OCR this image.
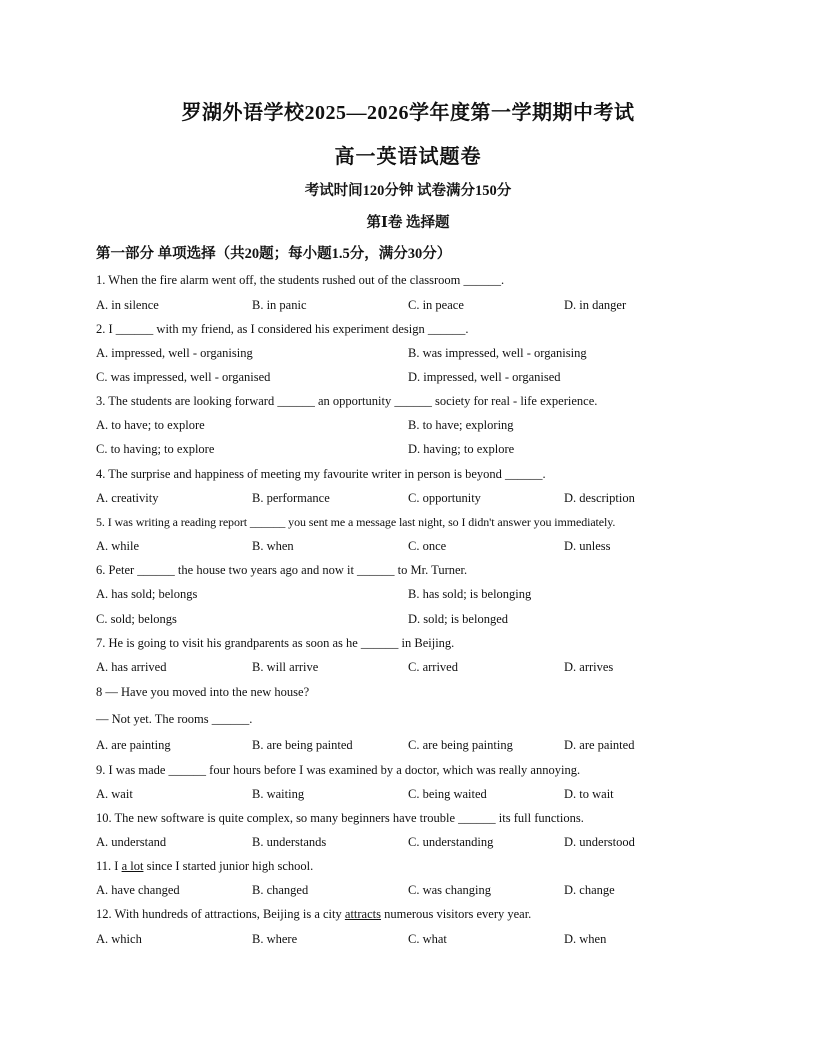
罗湖外语学校2025—2026学年度第一学期期中考试
高一英语试题卷
考试时间120分钟 试卷满分150分
第Ⅰ卷 选择题
第一部分 单项选择（共20题；每小题1.5分，满分30分）
1. When the fire alarm went off, the students rushed out of the classroom ______.
A. in silence	B. in panic	C. in peace	D. in danger
2. I ______ with my friend, as I considered his experiment design ______.
A. impressed, well - organising	B. was impressed, well - organising
C. was impressed, well - organised	D. impressed, well - organised
3. The students are looking forward ______ an opportunity ______ society for real - life experience.
A. to have; to explore	B. to have; exploring
C. to having; to explore	D. having; to explore
4. The surprise and happiness of meeting my favourite writer in person is beyond ______.
A. creativity	B. performance	C. opportunity	D. description
5. I was writing a reading report ______ you sent me a message last night, so I didn't answer you immediately.
A. while	B. when	C. once	D. unless
6. Peter ______ the house two years ago and now it ______ to Mr. Turner.
A. has sold; belongs	B. has sold; is belonging
C. sold; belongs	D. sold; is belonged
7. He is going to visit his grandparents as soon as he ______ in Beijing.
A. has arrived	B. will arrive	C. arrived	D. arrives
8 — Have you moved into the new house?
— Not yet. The rooms ______.
A. are painting	B. are being painted	C. are being painting	D. are painted
9. I was made ______ four hours before I was examined by a doctor, which was really annoying.
A. wait	B. waiting	C. being waited	D. to wait
10. The new software is quite complex, so many beginners have trouble ______ its full functions.
A. understand	B. understands	C. understanding	D. understood
11. I a lot since I started junior high school.
A. have changed	B. changed	C. was changing	D. change
12. With hundreds of attractions, Beijing is a city attracts numerous visitors every year.
A. which	B. where	C. what	D. when
